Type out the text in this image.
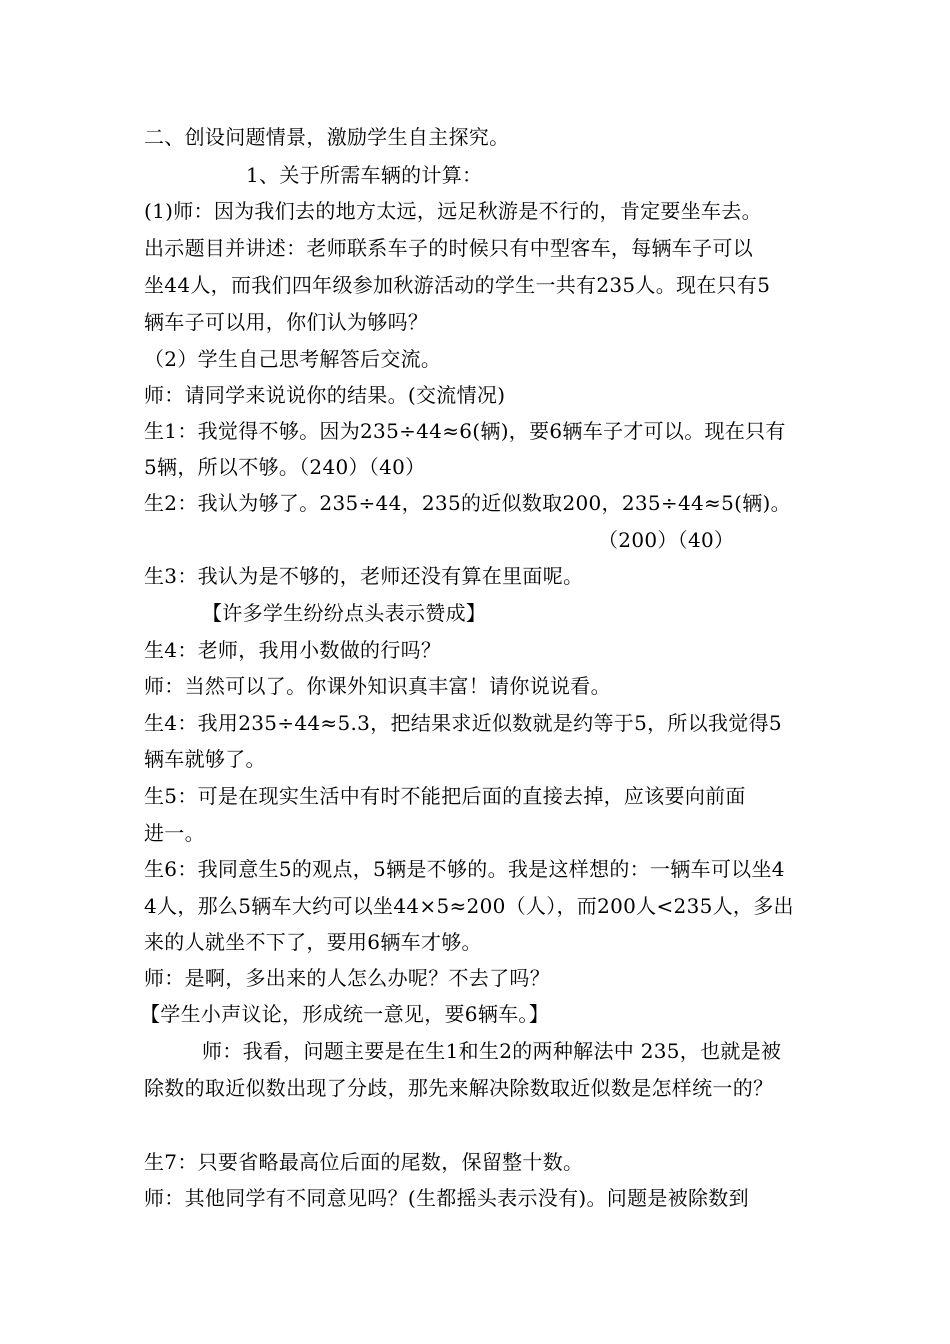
二、创设问题情景，激励学生自主探究。
1、关于所需车辆的计算：
(1)师：因为我们去的地方太远，远足秋游是不行的，肯定要坐车去。
出示题目并讲述：老师联系车子的时候只有中型客车，每辆车子可以
坐44人，而我们四年级参加秋游活动的学生一共有235人。现在只有5
辆车子可以用，你们认为够吗？
（2）学生自己思考解答后交流。
师：请同学来说说你的结果。(交流情况)
生1：我觉得不够。因为235÷44≈6(辆)，要6辆车子才可以。现在只有
5辆，所以不够。（240）（40）
生2：我认为够了。235÷44，235的近似数取200，235÷44≈5(辆)。
（200）（40）
生3：我认为是不够的，老师还没有算在里面呢。
【许多学生纷纷点头表示赞成】
生4：老师，我用小数做的行吗？
师：当然可以了。你课外知识真丰富！请你说说看。
生4：我用235÷44≈5.3，把结果求近似数就是约等于5，所以我觉得5
辆车就够了。
生5：可是在现实生活中有时不能把后面的直接去掉，应该要向前面
进一。
生6：我同意生5的观点，5辆是不够的。我是这样想的：一辆车可以坐4
4人，那么5辆车大约可以坐44×5≈200（人），而200人<235人，多出
来的人就坐不下了，要用6辆车才够。
师：是啊，多出来的人怎么办呢？不去了吗？
【学生小声议论，形成统一意见，要6辆车。】
师：我看，问题主要是在生1和生2的两种解法中 235，也就是被
除数的取近似数出现了分歧，那先来解决除数取近似数是怎样统一的？
生7：只要省略最高位后面的尾数，保留整十数。
师：其他同学有不同意见吗？(生都摇头表示没有)。问题是被除数到
